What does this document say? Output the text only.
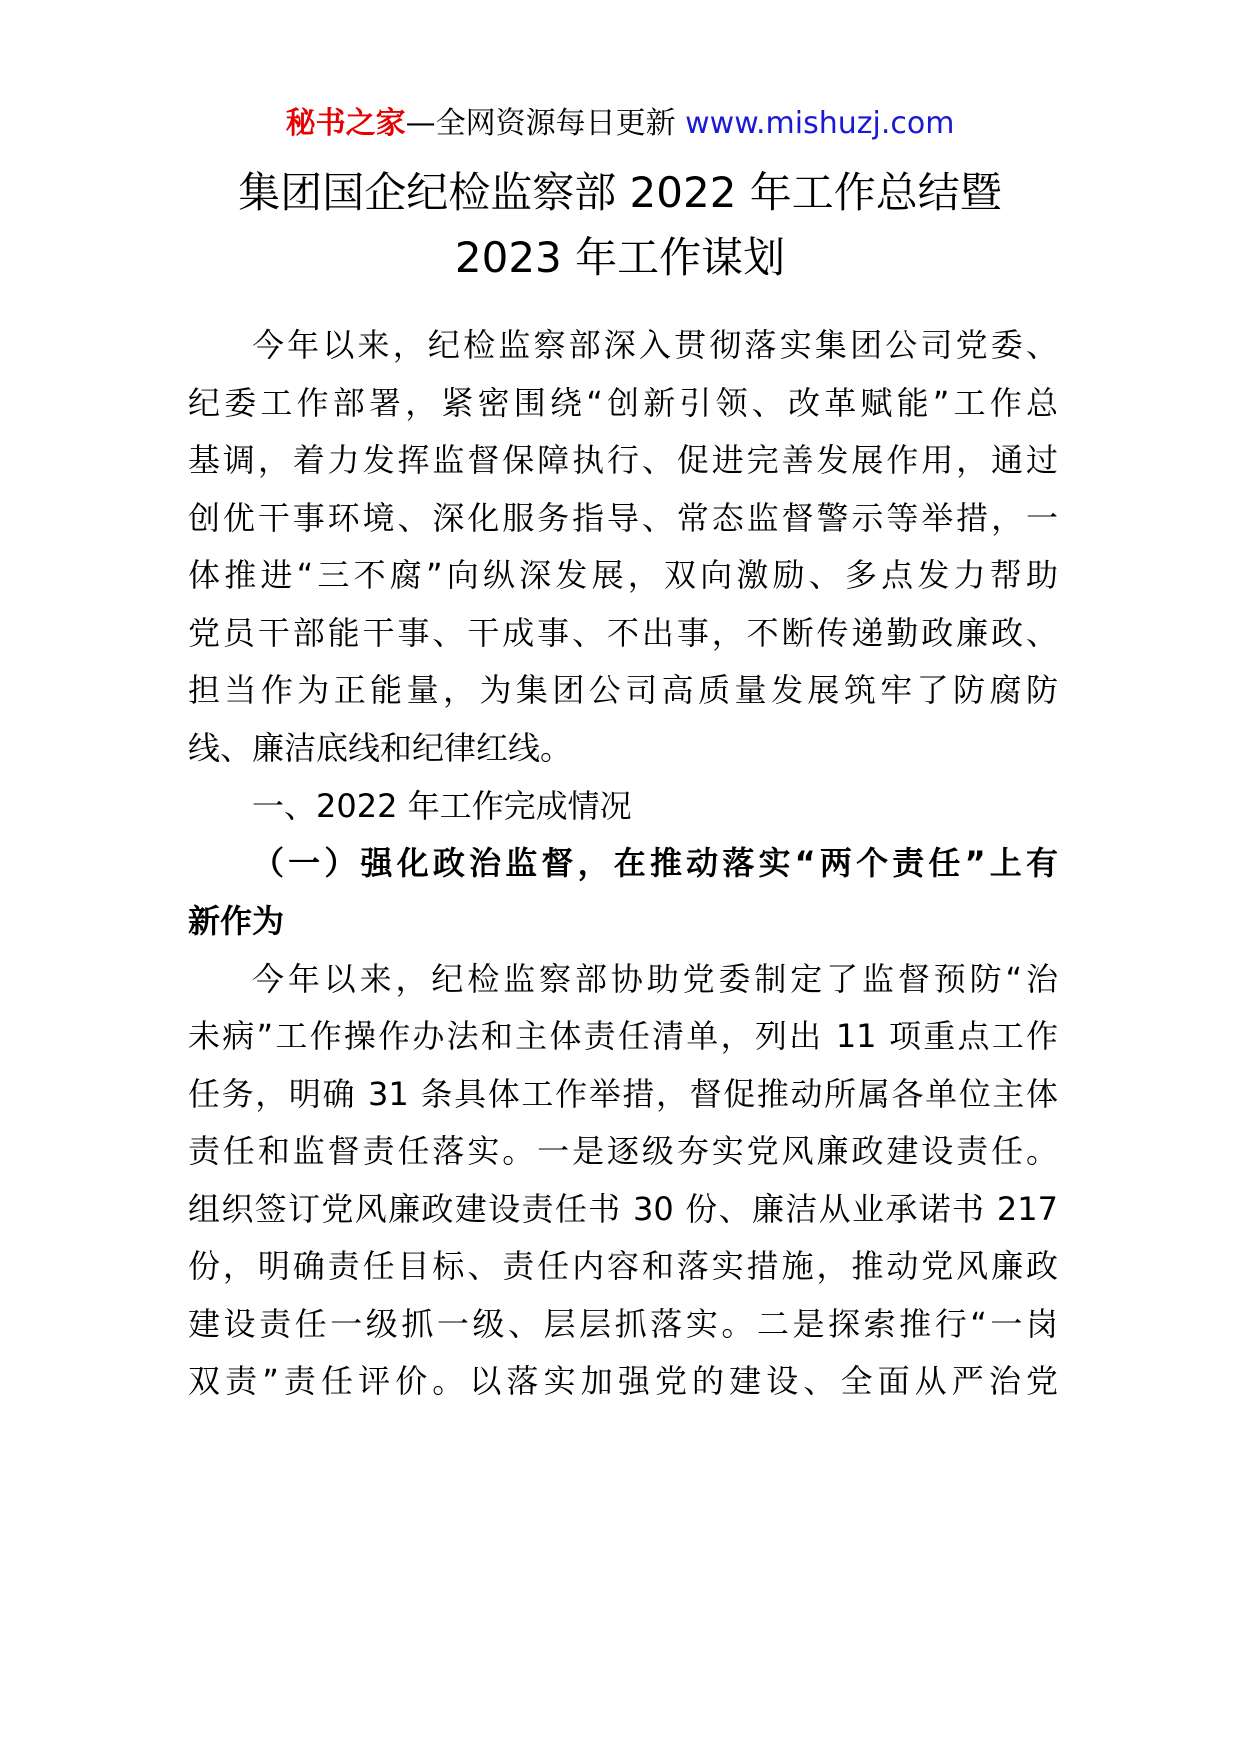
秘书之家—全网资源每日更新 www.mishuzj.com
集团国企纪检监察部 2022 年工作总结暨
2023 年工作谋划

今年以来，纪检监察部深入贯彻落实集团公司党委、

纪委工作部署，紧密围绕“创新引领、改革赋能”工作总

基调，着力发挥监督保障执行、促进完善发展作用，通过

创优干事环境、深化服务指导、常态监督警示等举措，一

体推进“三不腐”向纵深发展，双向激励、多点发力帮助

党员干部能干事、干成事、不出事，不断传递勤政廉政、

担当作为正能量，为集团公司高质量发展筑牢了防腐防

线、廉洁底线和纪律红线。

一、2022 年工作完成情况

（一）强化政治监督，在推动落实“两个责任”上有

新作为

今年以来，纪检监察部协助党委制定了监督预防“治

未病”工作操作办法和主体责任清单，列出 11 项重点工作

任务，明确 31 条具体工作举措，督促推动所属各单位主体

责任和监督责任落实。一是逐级夯实党风廉政建设责任。

组织签订党风廉政建设责任书 30 份、廉洁从业承诺书 217

份，明确责任目标、责任内容和落实措施，推动党风廉政

建设责任一级抓一级、层层抓落实。二是探索推行“一岗

双责”责任评价。以落实加强党的建设、全面从严治党
